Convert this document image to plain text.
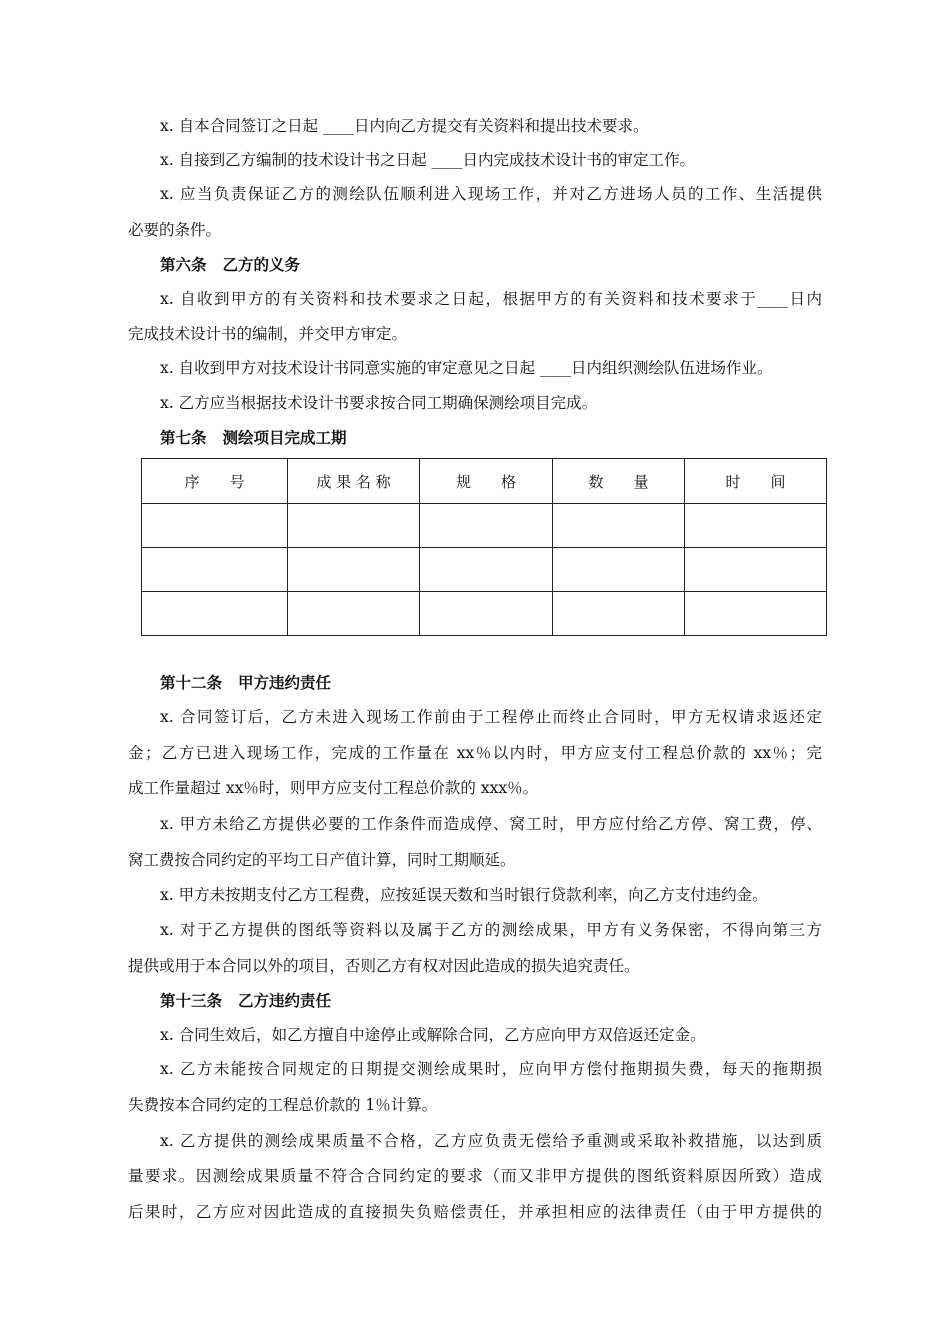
x. 自本合同签订之日起 ____日内向乙方提交有关资料和提出技术要求。
x. 自接到乙方编制的技术设计书之日起 ____日内完成技术设计书的审定工作。
x. 应当负责保证乙方的测绘队伍顺利进入现场工作，并对乙方进场人员的工作、生活提供
必要的条件。
第六条 乙方的义务
x. 自收到甲方的有关资料和技术要求之日起，根据甲方的有关资料和技术要求于____日内
完成技术设计书的编制，并交甲方审定。
x. 自收到甲方对技术设计书同意实施的审定意见之日起 ____日内组织测绘队伍进场作业。
x. 乙方应当根据技术设计书要求按合同工期确保测绘项目完成。
第七条 测绘项目完成工期
序　　号	成 果 名 称	规　　格	数　　量	时　　间

第十二条 甲方违约责任
x. 合同签订后，乙方未进入现场工作前由于工程停止而终止合同时，甲方无权请求返还定
金；乙方已进入现场工作，完成的工作量在 xx％以内时，甲方应支付工程总价款的 xx％；完
成工作量超过 xx％时，则甲方应支付工程总价款的 xxx％。
x. 甲方未给乙方提供必要的工作条件而造成停、窝工时，甲方应付给乙方停、窝工费，停、
窝工费按合同约定的平均工日产值计算，同时工期顺延。
x. 甲方未按期支付乙方工程费，应按延误天数和当时银行贷款利率，向乙方支付违约金。
x. 对于乙方提供的图纸等资料以及属于乙方的测绘成果，甲方有义务保密，不得向第三方
提供或用于本合同以外的项目，否则乙方有权对因此造成的损失追究责任。
第十三条 乙方违约责任
x. 合同生效后，如乙方擅自中途停止或解除合同，乙方应向甲方双倍返还定金。
x. 乙方未能按合同规定的日期提交测绘成果时，应向甲方偿付拖期损失费，每天的拖期损
失费按本合同约定的工程总价款的 1％计算。
x. 乙方提供的测绘成果质量不合格，乙方应负责无偿给予重测或采取补救措施，以达到质
量要求。因测绘成果质量不符合合同约定的要求（而又非甲方提供的图纸资料原因所致）造成
后果时，乙方应对因此造成的直接损失负赔偿责任，并承担相应的法律责任（由于甲方提供的
